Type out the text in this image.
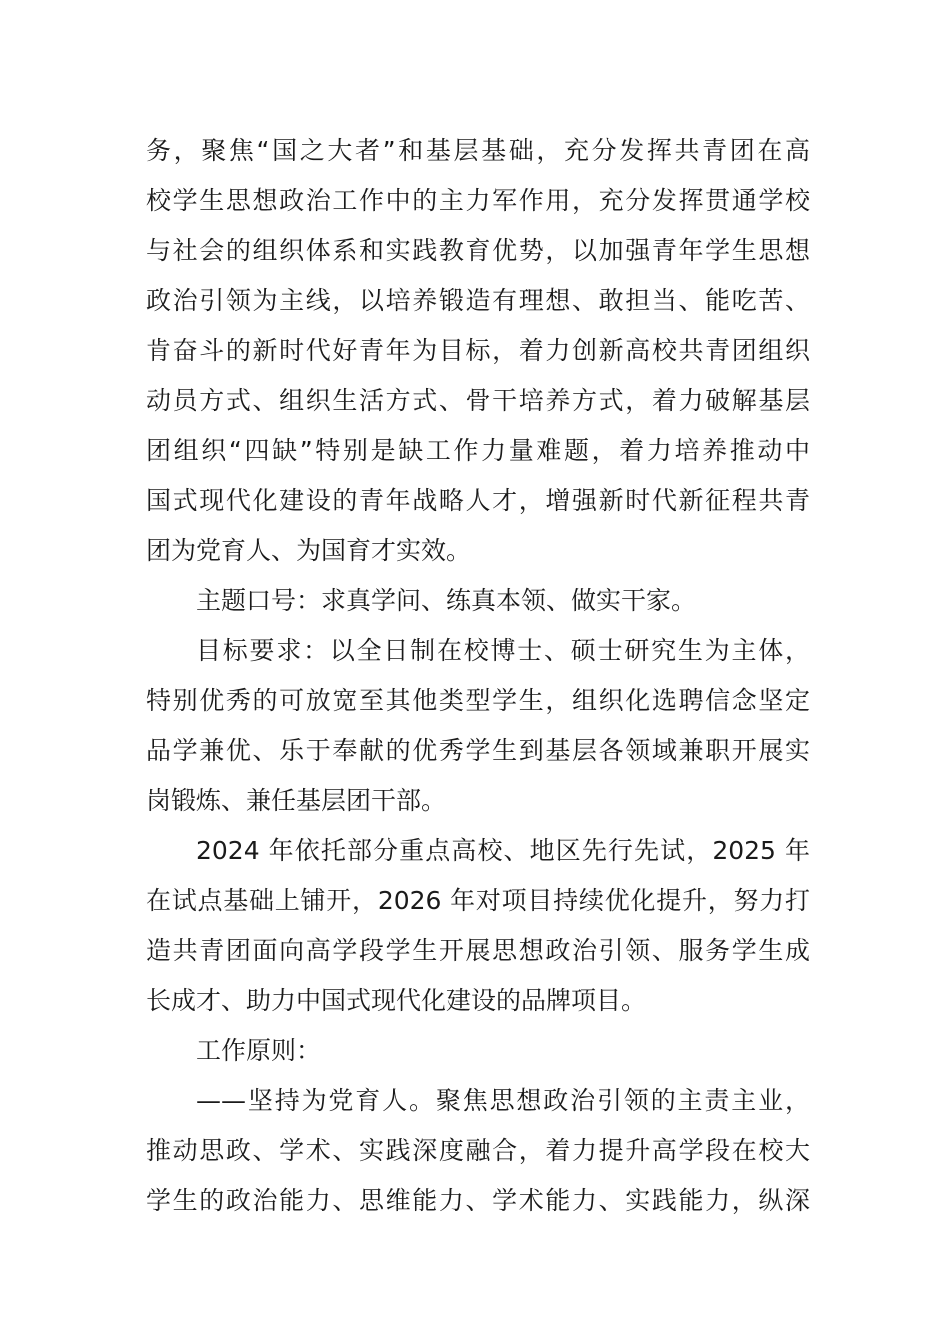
务，聚焦“国之大者”和基层基础，充分发挥共青团在高
校学生思想政治工作中的主力军作用，充分发挥贯通学校
与社会的组织体系和实践教育优势，以加强青年学生思想
政治引领为主线，以培养锻造有理想、敢担当、能吃苦、
肯奋斗的新时代好青年为目标，着力创新高校共青团组织
动员方式、组织生活方式、骨干培养方式，着力破解基层
团组织“四缺”特别是缺工作力量难题，着力培养推动中
国式现代化建设的青年战略人才，增强新时代新征程共青
团为党育人、为国育才实效。
主题口号：求真学问、练真本领、做实干家。
目标要求：以全日制在校博士、硕士研究生为主体，
特别优秀的可放宽至其他类型学生，组织化选聘信念坚定
品学兼优、乐于奉献的优秀学生到基层各领域兼职开展实
岗锻炼、兼任基层团干部。
2024 年依托部分重点高校、地区先行先试，2025 年
在试点基础上铺开，2026 年对项目持续优化提升，努力打
造共青团面向高学段学生开展思想政治引领、服务学生成
长成才、助力中国式现代化建设的品牌项目。
工作原则：
——坚持为党育人。聚焦思想政治引领的主责主业，
推动思政、学术、实践深度融合，着力提升高学段在校大
学生的政治能力、思维能力、学术能力、实践能力，纵深
